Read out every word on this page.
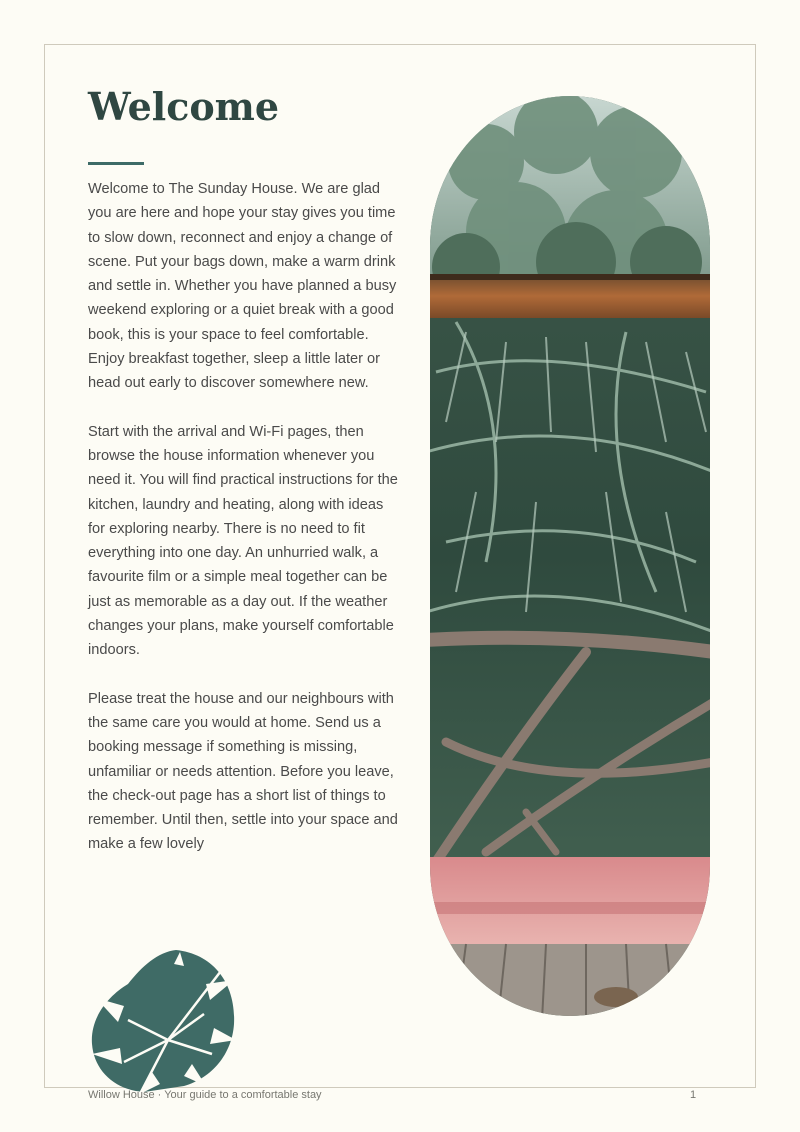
Welcome

Welcome to The Sunday House. We are glad you are here and hope your stay gives you time to slow down, reconnect and enjoy a change of scene. Put your bags down, make a warm drink and settle in. Whether you have planned a busy weekend exploring or a quiet break with a good book, this is your space to feel comfortable. Enjoy breakfast together, sleep a little later or head out early to discover somewhere new.

Start with the arrival and Wi-Fi pages, then browse the house information whenever you need it. You will find practical instructions for the kitchen, laundry and heating, along with ideas for exploring nearby. There is no need to fit everything into one day. An unhurried walk, a favourite film or a simple meal together can be just as memorable as a day out. If the weather changes your plans, make yourself comfortable indoors.

Please treat the house and our neighbours with the same care you would at home. Send us a booking message if something is missing, unfamiliar or needs attention. Before you leave, the check-out page has a short list of things to remember. Until then, settle into your space and make a few lovely

Willow House · Your guide to a comfortable stay	1
